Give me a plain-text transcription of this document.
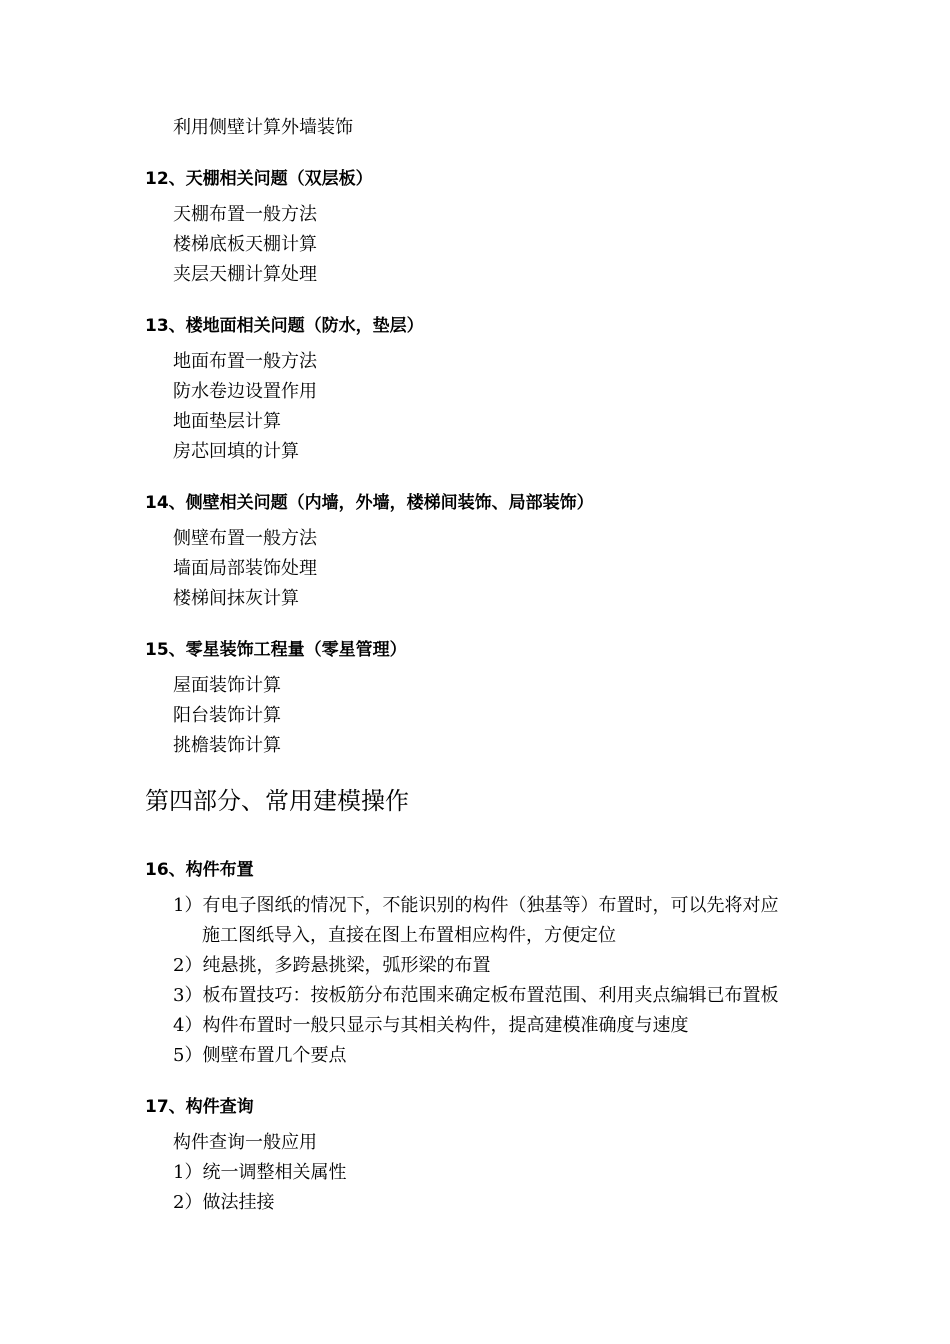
利用侧壁计算外墙装饰

12、天棚相关问题（双层板）

天棚布置一般方法

楼梯底板天棚计算

夹层天棚计算处理

13、楼地面相关问题（防水，垫层）

地面布置一般方法

防水卷边设置作用

地面垫层计算

房芯回填的计算

14、侧壁相关问题（内墙，外墙，楼梯间装饰、局部装饰）

侧壁布置一般方法

墙面局部装饰处理

楼梯间抹灰计算

15、零星装饰工程量（零星管理）

屋面装饰计算

阳台装饰计算

挑檐装饰计算

第四部分、常用建模操作

16、构件布置

1）有电子图纸的情况下，不能识别的构件（独基等）布置时，可以先将对应

施工图纸导入，直接在图上布置相应构件，方便定位

2）纯悬挑，多跨悬挑梁，弧形梁的布置

3）板布置技巧：按板筋分布范围来确定板布置范围、利用夹点编辑已布置板

4）构件布置时一般只显示与其相关构件，提高建模准确度与速度

5）侧壁布置几个要点

17、构件查询

构件查询一般应用

1）统一调整相关属性

2）做法挂接
